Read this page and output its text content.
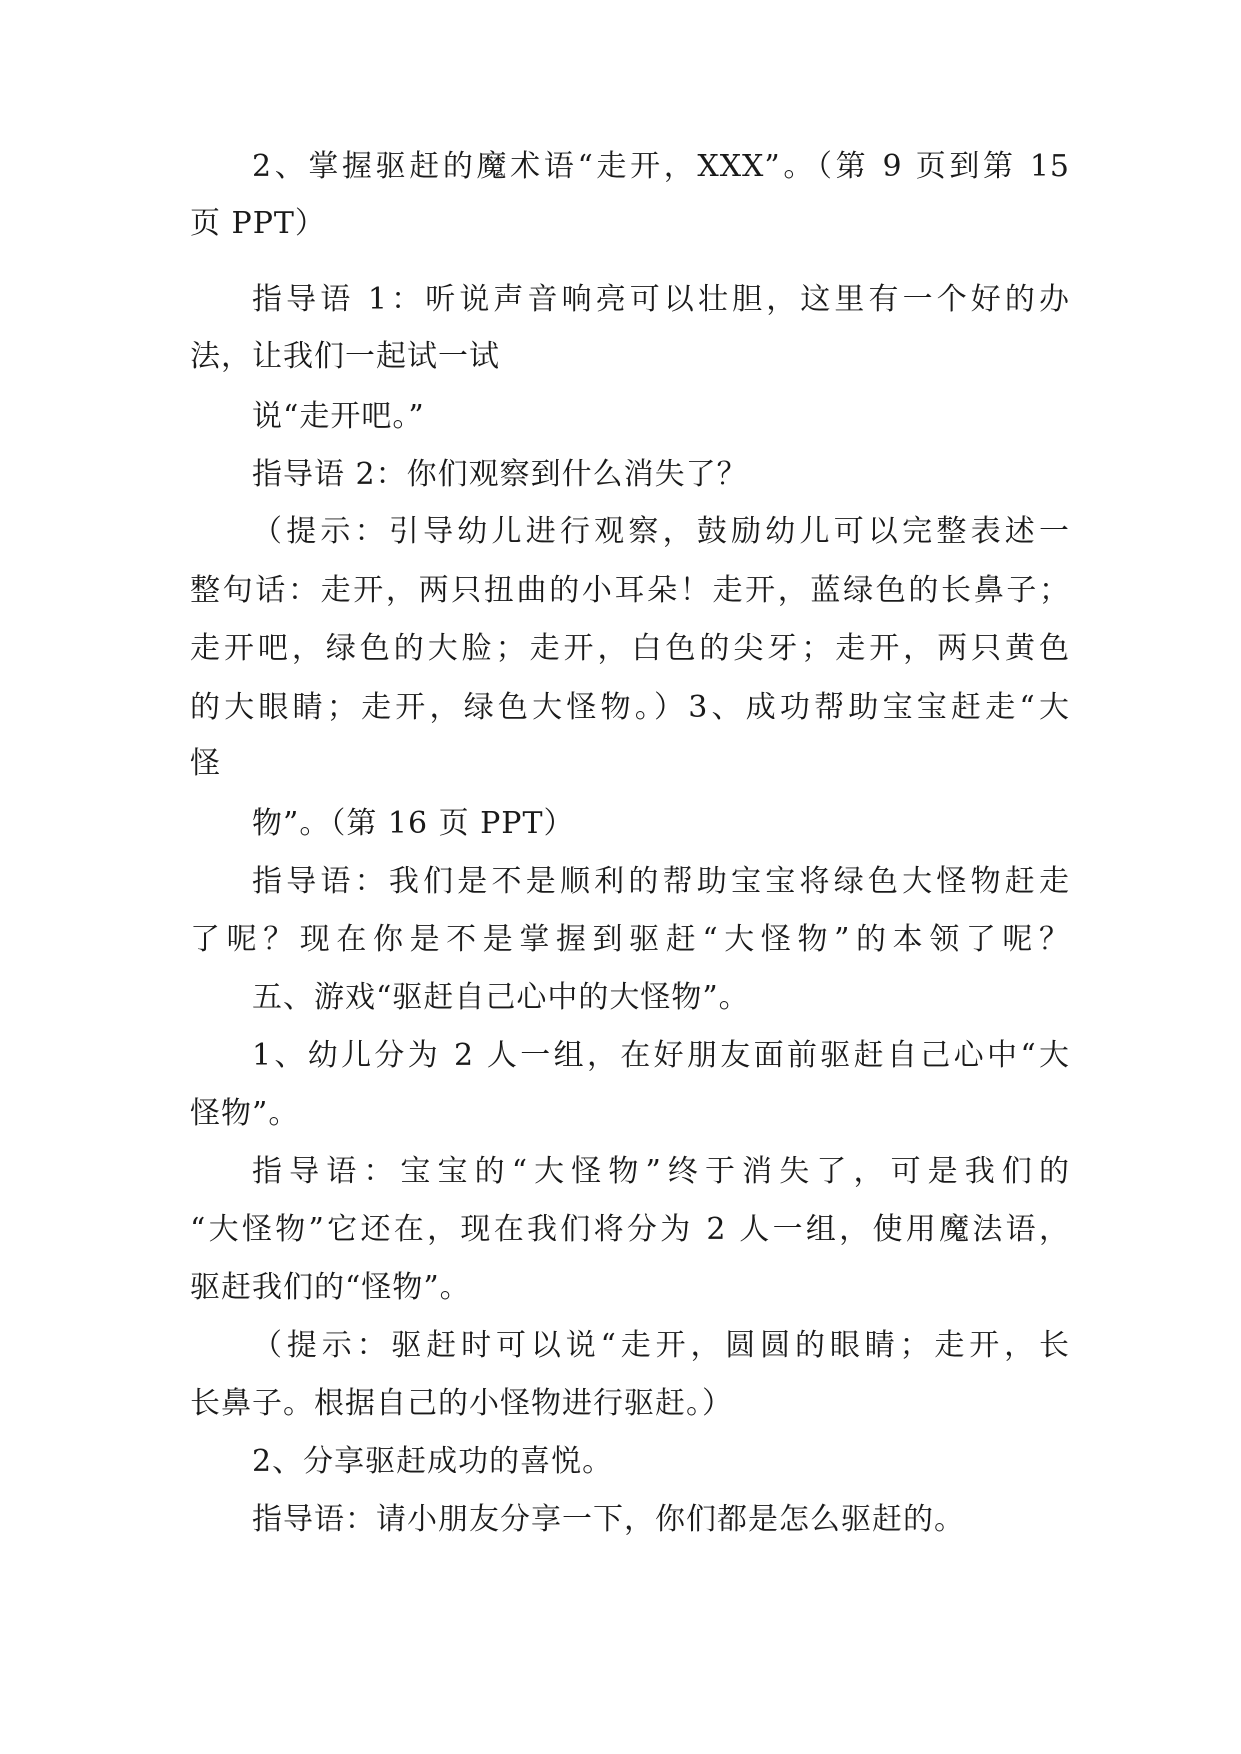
2、掌握驱赶的魔术语“走开，XXX”。（第 9 页到第 15
页 PPT）
指导语 1：听说声音响亮可以壮胆，这里有一个好的办
法，让我们一起试一试
说“走开吧。”
指导语 2：你们观察到什么消失了？
（提示：引导幼儿进行观察，鼓励幼儿可以完整表述一
整句话：走开，两只扭曲的小耳朵！走开，蓝绿色的长鼻子；
走开吧，绿色的大脸；走开，白色的尖牙；走开，两只黄色
的大眼睛；走开，绿色大怪物。）3、成功帮助宝宝赶走“大
怪
物”。（第 16 页 PPT）
指导语：我们是不是顺利的帮助宝宝将绿色大怪物赶走
了呢？现在你是不是掌握到驱赶“大怪物”的本领了呢？
五、游戏“驱赶自己心中的大怪物”。
1、幼儿分为 2 人一组，在好朋友面前驱赶自己心中“大
怪物”。
指导语：宝宝的“大怪物”终于消失了，可是我们的
“大怪物”它还在，现在我们将分为 2 人一组，使用魔法语，
驱赶我们的“怪物”。
（提示：驱赶时可以说“走开，圆圆的眼睛；走开，长
长鼻子。根据自己的小怪物进行驱赶。）
2、分享驱赶成功的喜悦。
指导语：请小朋友分享一下，你们都是怎么驱赶的。
